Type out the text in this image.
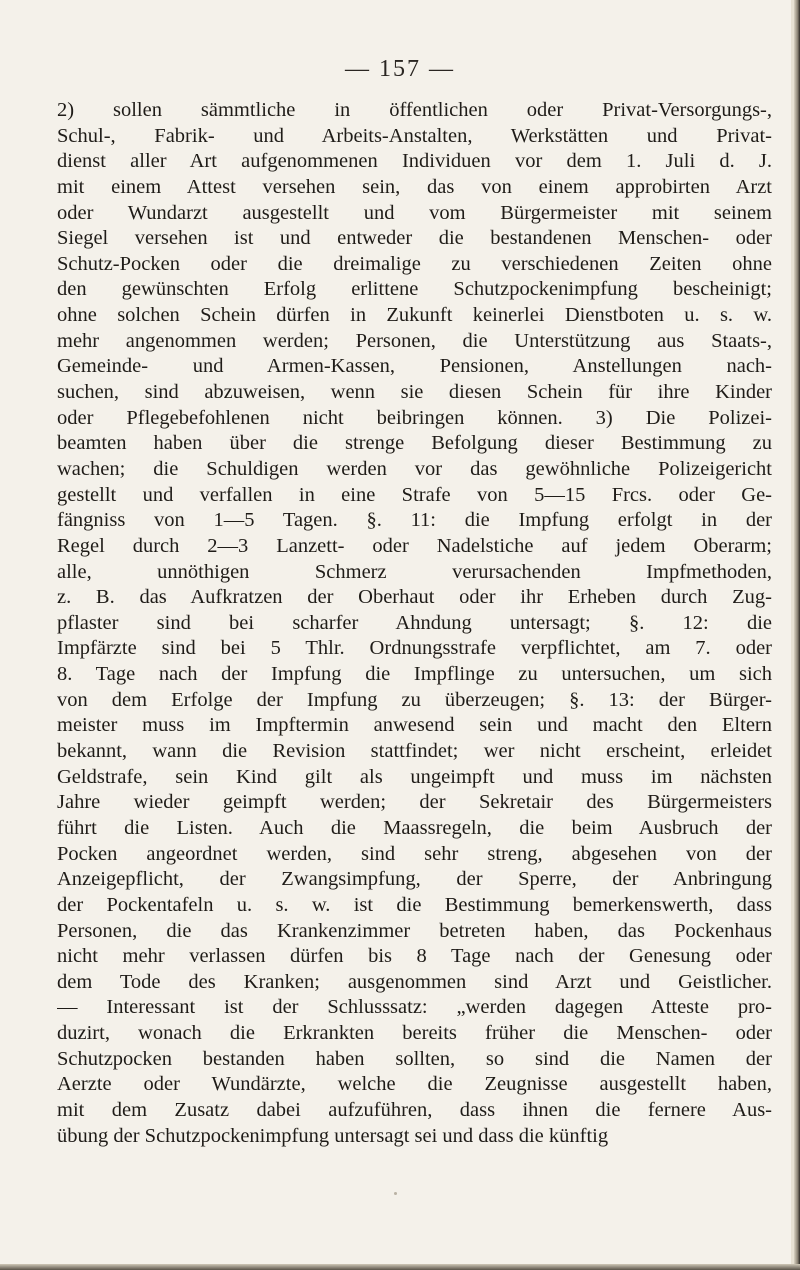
— 157 —
2) sollen sämmtliche in öffentlichen oder Privat-Versorgungs-,
Schul-, Fabrik- und Arbeits-Anstalten, Werkstätten und Privat-
dienst aller Art aufgenommenen Individuen vor dem 1. Juli d. J.
mit einem Attest versehen sein, das von einem approbirten Arzt
oder Wundarzt ausgestellt und vom Bürgermeister mit seinem
Siegel versehen ist und entweder die bestandenen Menschen- oder
Schutz-Pocken oder die dreimalige zu verschiedenen Zeiten ohne
den gewünschten Erfolg erlittene Schutzpockenimpfung bescheinigt;
ohne solchen Schein dürfen in Zukunft keinerlei Dienstboten u. s. w.
mehr angenommen werden; Personen, die Unterstützung aus Staats-,
Gemeinde- und Armen-Kassen, Pensionen, Anstellungen nach-
suchen, sind abzuweisen, wenn sie diesen Schein für ihre Kinder
oder Pflegebefohlenen nicht beibringen können. 3) Die Polizei-
beamten haben über die strenge Befolgung dieser Bestimmung zu
wachen; die Schuldigen werden vor das gewöhnliche Polizeigericht
gestellt und verfallen in eine Strafe von 5—15 Frcs. oder Ge-
fängniss von 1—5 Tagen. §. 11: die Impfung erfolgt in der
Regel durch 2—3 Lanzett- oder Nadelstiche auf jedem Oberarm;
alle, unnöthigen Schmerz verursachenden Impfmethoden,
z. B. das Aufkratzen der Oberhaut oder ihr Erheben durch Zug-
pflaster sind bei scharfer Ahndung untersagt; §. 12: die
Impfärzte sind bei 5 Thlr. Ordnungsstrafe verpflichtet, am 7. oder
8. Tage nach der Impfung die Impflinge zu untersuchen, um sich
von dem Erfolge der Impfung zu überzeugen; §. 13: der Bürger-
meister muss im Impftermin anwesend sein und macht den Eltern
bekannt, wann die Revision stattfindet; wer nicht erscheint, erleidet
Geldstrafe, sein Kind gilt als ungeimpft und muss im nächsten
Jahre wieder geimpft werden; der Sekretair des Bürgermeisters
führt die Listen. Auch die Maassregeln, die beim Ausbruch der
Pocken angeordnet werden, sind sehr streng, abgesehen von der
Anzeigepflicht, der Zwangsimpfung, der Sperre, der Anbringung
der Pockentafeln u. s. w. ist die Bestimmung bemerkenswerth, dass
Personen, die das Krankenzimmer betreten haben, das Pockenhaus
nicht mehr verlassen dürfen bis 8 Tage nach der Genesung oder
dem Tode des Kranken; ausgenommen sind Arzt und Geistlicher.
— Interessant ist der Schlusssatz: „werden dagegen Atteste pro-
duzirt, wonach die Erkrankten bereits früher die Menschen- oder
Schutzpocken bestanden haben sollten, so sind die Namen der
Aerzte oder Wundärzte, welche die Zeugnisse ausgestellt haben,
mit dem Zusatz dabei aufzuführen, dass ihnen die fernere Aus-
übung der Schutzpockenimpfung untersagt sei und dass die künftig
